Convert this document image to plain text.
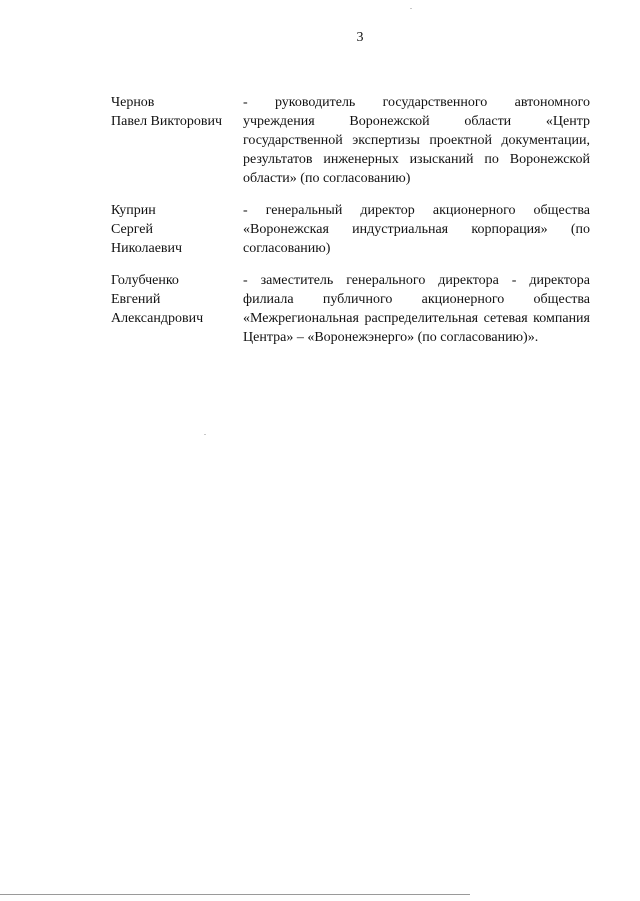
3
Чернов
Павел Викторович
- руководитель государственного автономного учреждения Воронежской области «Центр государственной экспертизы проектной документации, результатов инженерных изысканий по Воронежской области» (по согласованию)
Куприн
Сергей
Николаевич
- генеральный директор акционерного общества «Воронежская индустриальная корпорация» (по согласованию)
Голубченко
Евгений
Александрович
- заместитель генерального директора - директора филиала публичного акционерного общества «Межрегиональная распределительная сетевая компания Центра» – «Воронежэнерго» (по согласованию)».
